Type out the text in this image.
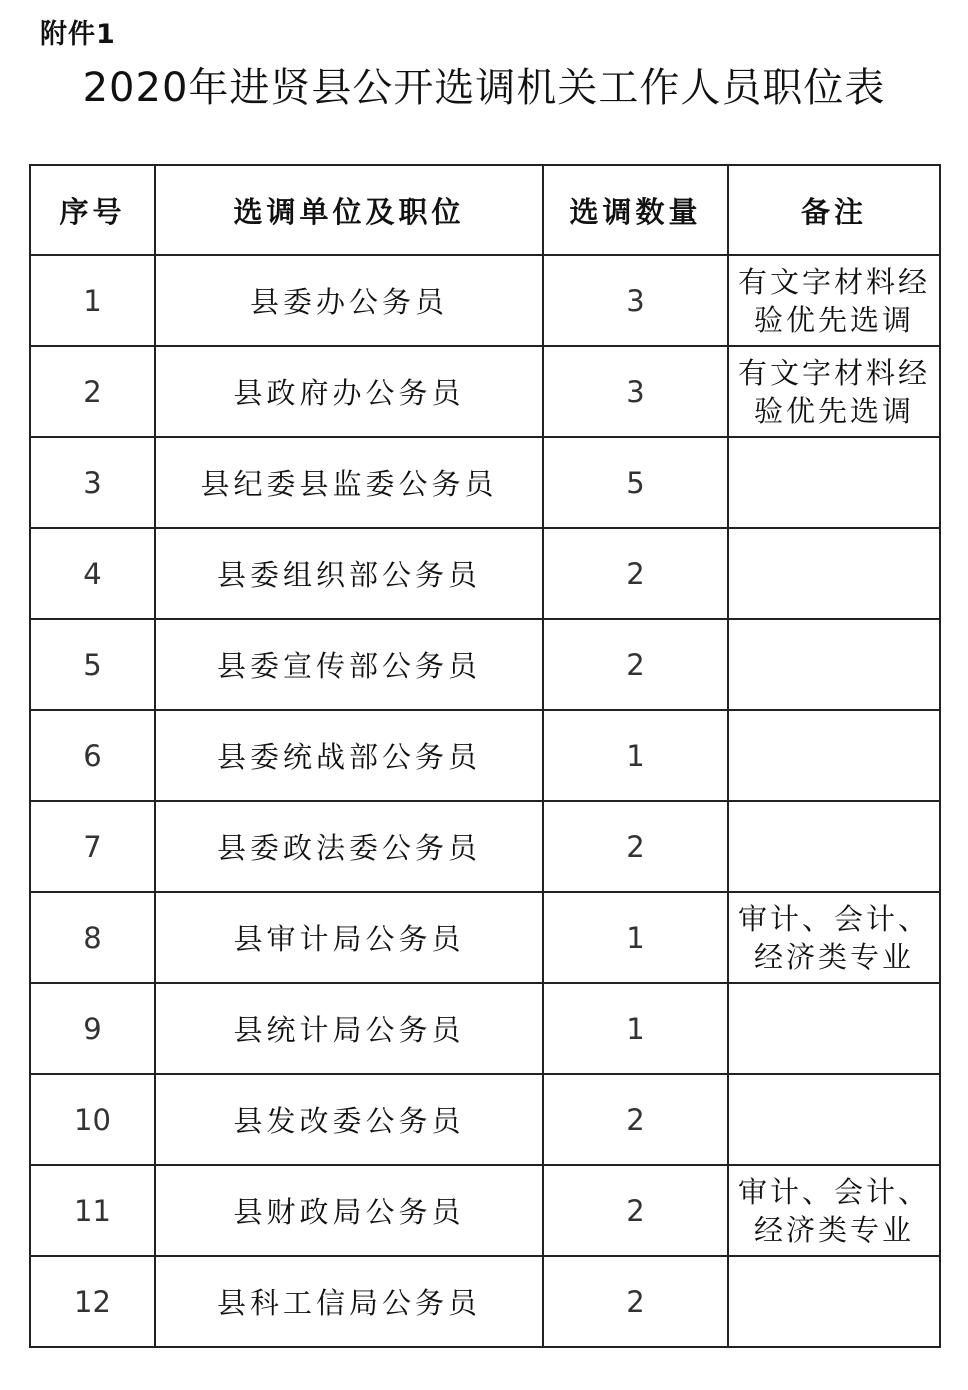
附件1
2020年进贤县公开选调机关工作人员职位表
序号	选调单位及职位	选调数量	备注
1	县委办公务员	3	有文字材料经验优先选调
2	县政府办公务员	3	有文字材料经验优先选调
3	县纪委县监委公务员	5	
4	县委组织部公务员	2	
5	县委宣传部公务员	2	
6	县委统战部公务员	1	
7	县委政法委公务员	2	
8	县审计局公务员	1	审计、会计、经济类专业
9	县统计局公务员	1	
10	县发改委公务员	2	
11	县财政局公务员	2	审计、会计、经济类专业
12	县科工信局公务员	2	
